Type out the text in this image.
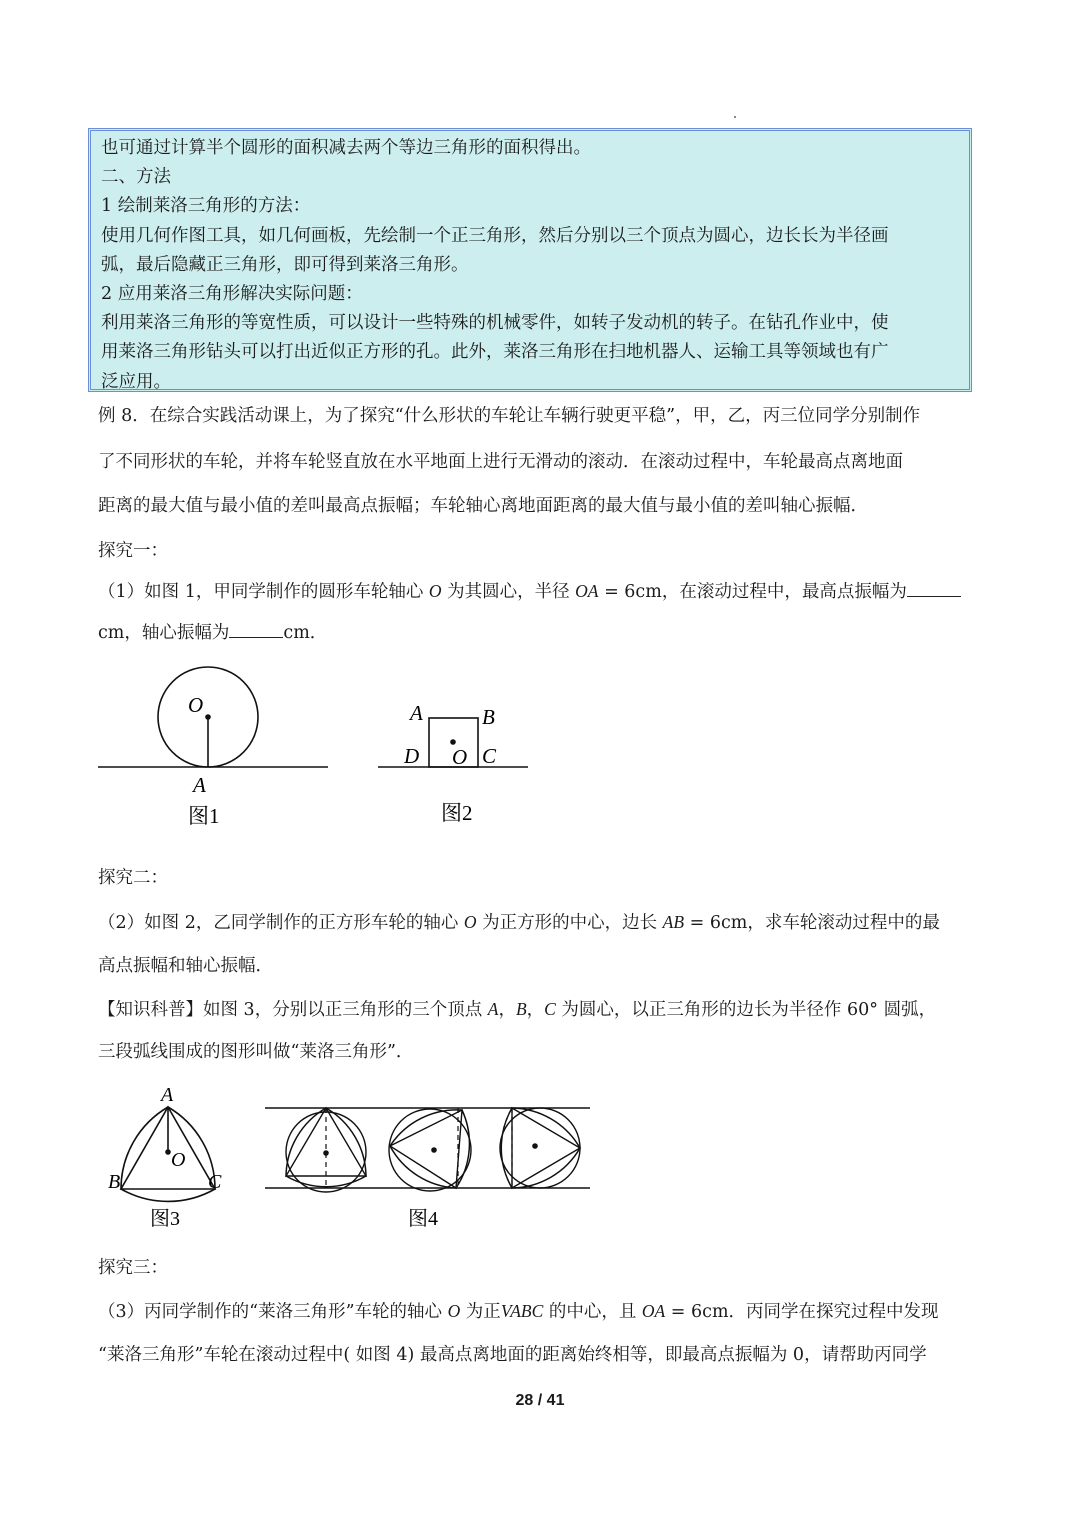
也可通过计算半个圆形的面积减去两个等边三角形的面积得出。
二、方法
1 绘制莱洛三角形的方法：
使用几何作图工具，如几何画板，先绘制一个正三角形，然后分别以三个顶点为圆心，边长长为半径画
弧，最后隐藏正三角形，即可得到莱洛三角形。
2 应用莱洛三角形解决实际问题：
利用莱洛三角形的等宽性质，可以设计一些特殊的机械零件，如转子发动机的转子。在钻孔作业中，使
用莱洛三角形钻头可以打出近似正方形的孔。此外，莱洛三角形在扫地机器人、运输工具等领域也有广
泛应用。
例 8．在综合实践活动课上，为了探究“什么形状的车轮让车辆行驶更平稳”，甲，乙，丙三位同学分别制作
了不同形状的车轮，并将车轮竖直放在水平地面上进行无滑动的滚动．在滚动过程中，车轮最高点离地面
距离的最大值与最小值的差叫最高点振幅；车轮轴心离地面距离的最大值与最小值的差叫轴心振幅．
探究一：
（1）如图 1，甲同学制作的圆形车轮轴心 O 为其圆心，半径 OA = 6cm，在滚动过程中，最高点振幅为
cm，轴心振幅为	cm．
O
A
图1
A	B
C
D O
图2
探究二：
（2）如图 2，乙同学制作的正方形车轮的轴心 O 为正方形的中心，边长 AB = 6cm，求车轮滚动过程中的最
高点振幅和轴心振幅．
【知识科普】如图 3，分别以正三角形的三个顶点 A，B，C 为圆心，以正三角形的边长为半径作 60° 圆弧，
三段弧线围成的图形叫做“莱洛三角形”．
A
B	C
O
图3	图4
探究三：
（3）丙同学制作的“莱洛三角形”车轮的轴心 O 为正VABC 的中心，且 OA = 6cm．丙同学在探究过程中发现
“莱洛三角形”车轮在滚动过程中( 如图 4) 最高点离地面的距离始终相等，即最高点振幅为 0，请帮助丙同学
28 / 41
